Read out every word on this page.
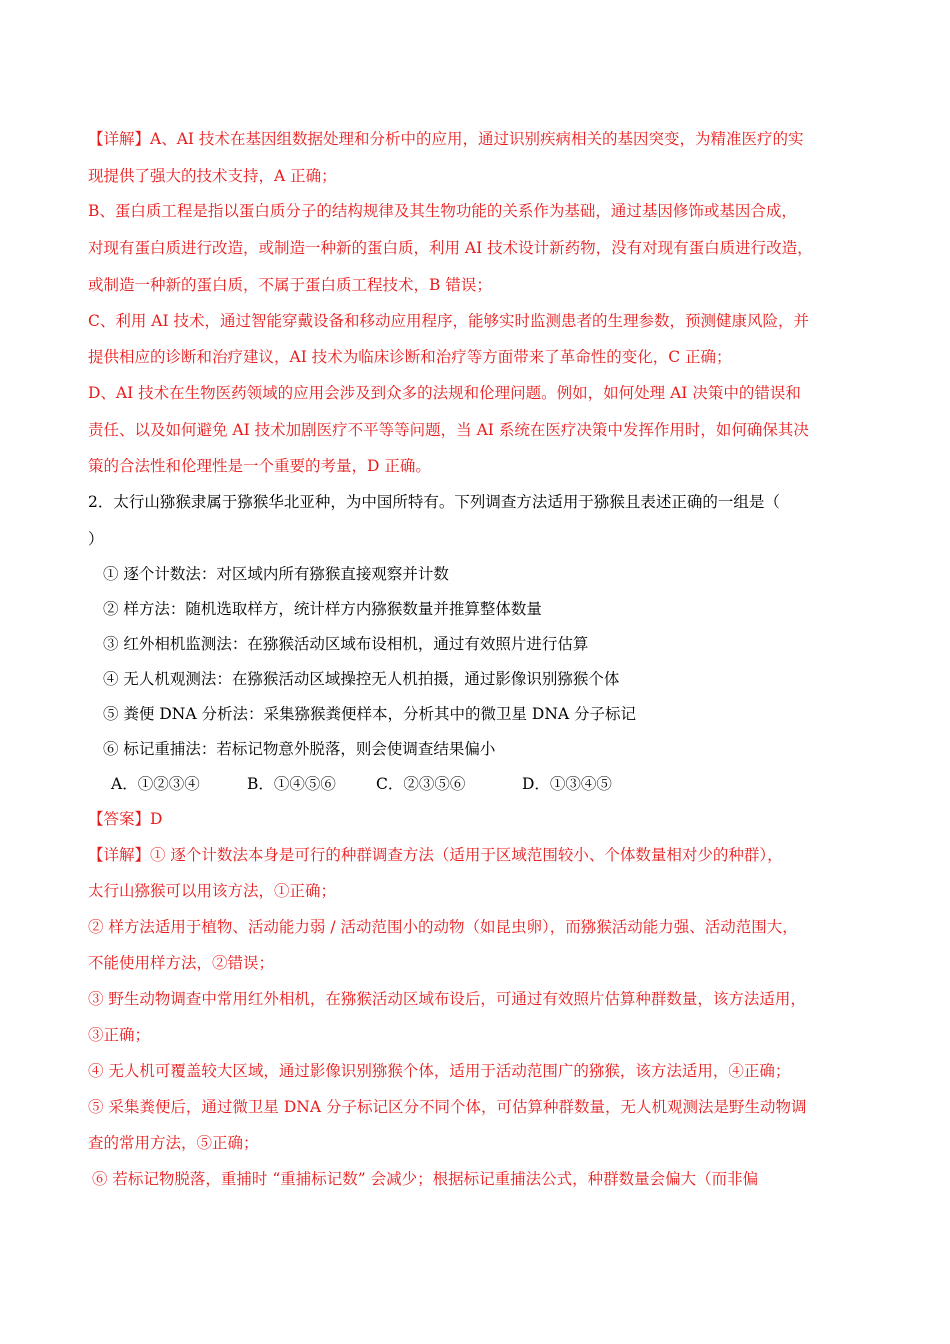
【详解】A、AI 技术在基因组数据处理和分析中的应用，通过识别疾病相关的基因突变，为精准医疗的实
现提供了强大的技术支持，A 正确；
B、蛋白质工程是指以蛋白质分子的结构规律及其生物功能的关系作为基础，通过基因修饰或基因合成，
对现有蛋白质进行改造，或制造一种新的蛋白质，利用 AI 技术设计新药物，没有对现有蛋白质进行改造，
或制造一种新的蛋白质，不属于蛋白质工程技术，B 错误；
C、利用 AI 技术，通过智能穿戴设备和移动应用程序，能够实时监测患者的生理参数，预测健康风险，并
提供相应的诊断和治疗建议，AI 技术为临床诊断和治疗等方面带来了革命性的变化，C 正确；
D、AI 技术在生物医药领域的应用会涉及到众多的法规和伦理问题。例如，如何处理 AI 决策中的错误和
责任、以及如何避免 AI 技术加剧医疗不平等等问题，当 AI 系统在医疗决策中发挥作用时，如何确保其决
策的合法性和伦理性是一个重要的考量，D 正确。
2．太行山猕猴隶属于猕猴华北亚种，为中国所特有。下列调查方法适用于猕猴且表述正确的一组是（
）
① 逐个计数法：对区域内所有猕猴直接观察并计数
② 样方法：随机选取样方，统计样方内猕猴数量并推算整体数量
③ 红外相机监测法：在猕猴活动区域布设相机，通过有效照片进行估算
④ 无人机观测法：在猕猴活动区域操控无人机拍摄，通过影像识别猕猴个体
⑤ 粪便 DNA 分析法：采集猕猴粪便样本，分析其中的微卫星 DNA 分子标记
⑥ 标记重捕法：若标记物意外脱落，则会使调查结果偏小
A．①②③④	B．①④⑤⑥	C．②③⑤⑥	D．①③④⑤
【答案】D
【详解】① 逐个计数法本身是可行的种群调查方法（适用于区域范围较小、个体数量相对少的种群），
太行山猕猴可以用该方法，①正确；
② 样方法适用于植物、活动能力弱 / 活动范围小的动物（如昆虫卵），而猕猴活动能力强、活动范围大，
不能使用样方法，②错误；
③ 野生动物调查中常用红外相机，在猕猴活动区域布设后，可通过有效照片估算种群数量，该方法适用，
③正确；
④ 无人机可覆盖较大区域，通过影像识别猕猴个体，适用于活动范围广的猕猴，该方法适用，④正确；
⑤ 采集粪便后，通过微卫星 DNA 分子标记区分不同个体，可估算种群数量，无人机观测法是野生动物调
查的常用方法，⑤正确；
⑥ 若标记物脱落，重捕时 “重捕标记数” 会减少；根据标记重捕法公式，种群数量会偏大（而非偏
